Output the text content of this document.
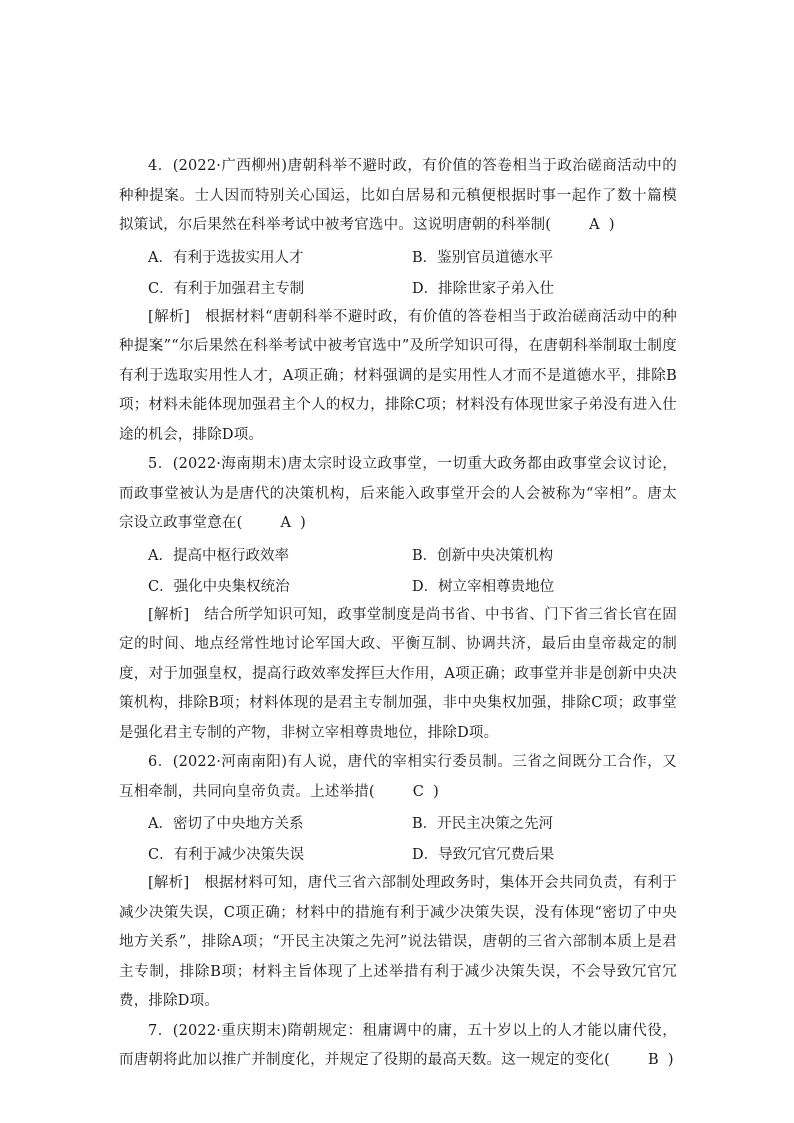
4．(2022·广西柳州)唐朝科举不避时政，有价值的答卷相当于政治磋商活动中的种种提案。士人因而特别关心国运，比如白居易和元稹便根据时事一起作了数十篇模拟策试，尔后果然在科举考试中被考官选中。这说明唐朝的科举制(	A )

A．有利于选拔实用人才	B．鉴别官员道德水平
C．有利于加强君主专制	D．排除世家子弟入仕

[解析]　根据材料“唐朝科举不避时政，有价值的答卷相当于政治磋商活动中的种种提案”“尔后果然在科举考试中被考官选中”及所学知识可得，在唐朝科举制取士制度有利于选取实用性人才，A项正确；材料强调的是实用性人才而不是道德水平，排除B项；材料未能体现加强君主个人的权力，排除C项；材料没有体现世家子弟没有进入仕途的机会，排除D项。

5．(2022·海南期末)唐太宗时设立政事堂，一切重大政务都由政事堂会议讨论，而政事堂被认为是唐代的决策机构，后来能入政事堂开会的人会被称为“宰相”。唐太宗设立政事堂意在(	A )

A．提高中枢行政效率	B．创新中央决策机构
C．强化中央集权统治	D．树立宰相尊贵地位

[解析]　结合所学知识可知，政事堂制度是尚书省、中书省、门下省三省长官在固定的时间、地点经常性地讨论军国大政、平衡互制、协调共济，最后由皇帝裁定的制度，对于加强皇权，提高行政效率发挥巨大作用，A项正确；政事堂并非是创新中央决策机构，排除B项；材料体现的是君主专制加强，非中央集权加强，排除C项；政事堂是强化君主专制的产物，非树立宰相尊贵地位，排除D项。

6．(2022·河南南阳)有人说，唐代的宰相实行委员制。三省之间既分工合作，又互相牵制，共同向皇帝负责。上述举措(	C )

A．密切了中央地方关系	B．开民主决策之先河
C．有利于减少决策失误	D．导致冗官冗费后果

[解析]　根据材料可知，唐代三省六部制处理政务时，集体开会共同负责，有利于减少决策失误，C项正确；材料中的措施有利于减少决策失误，没有体现“密切了中央地方关系”，排除A项；“开民主决策之先河”说法错误，唐朝的三省六部制本质上是君主专制，排除B项；材料主旨体现了上述举措有利于减少决策失误，不会导致冗官冗费，排除D项。

7．(2022·重庆期末)隋朝规定：租庸调中的庸，五十岁以上的人才能以庸代役，而唐朝将此加以推广并制度化，并规定了役期的最高天数。这一规定的变化(	B )
